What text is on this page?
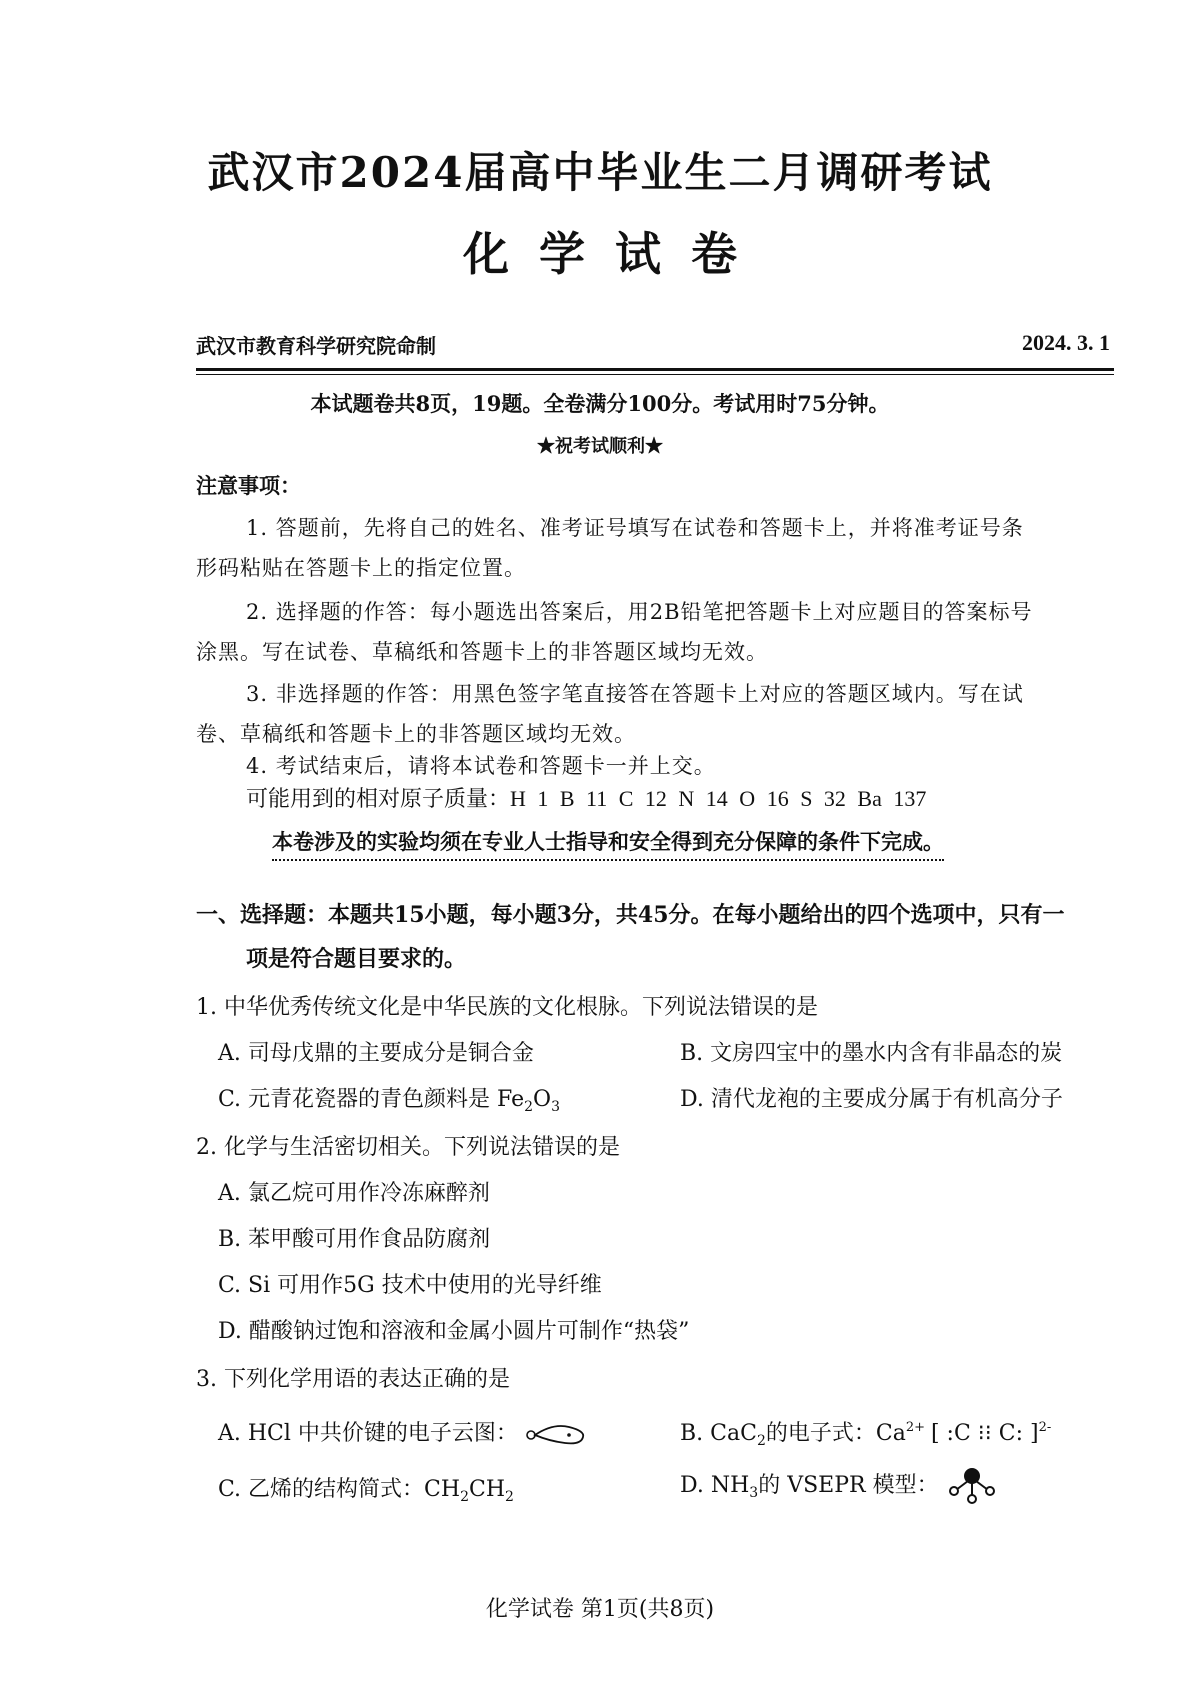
武汉市2024届高中毕业生二月调研考试
化学试卷
武汉市教育科学研究院命制	2024. 3. 1
本试题卷共8页，19题。全卷满分100分。考试用时75分钟。
★祝考试顺利★
注意事项：
1. 答题前，先将自己的姓名、准考证号填写在试卷和答题卡上，并将准考证号条
形码粘贴在答题卡上的指定位置。
2. 选择题的作答：每小题选出答案后，用2B铅笔把答题卡上对应题目的答案标号
涂黑。写在试卷、草稿纸和答题卡上的非答题区域均无效。
3. 非选择题的作答：用黑色签字笔直接答在答题卡上对应的答题区域内。写在试
卷、草稿纸和答题卡上的非答题区域均无效。
4. 考试结束后，请将本试卷和答题卡一并上交。
可能用到的相对原子质量：H 1 B 11 C 12 N 14 O 16 S 32 Ba 137
本卷涉及的实验均须在专业人士指导和安全得到充分保障的条件下完成。
一、选择题：本题共15小题，每小题3分，共45分。在每小题给出的四个选项中，只有一
项是符合题目要求的。
1. 中华优秀传统文化是中华民族的文化根脉。下列说法错误的是
A. 司母戊鼎的主要成分是铜合金	B. 文房四宝中的墨水内含有非晶态的炭
C. 元青花瓷器的青色颜料是 $Fe_2O_3$	D. 清代龙袍的主要成分属于有机高分子
2. 化学与生活密切相关。下列说法错误的是
A. 氯乙烷可用作冷冻麻醉剂
B. 苯甲酸可用作食品防腐剂
C. Si 可用作5G 技术中使用的光导纤维
D. 醋酸钠过饱和溶液和金属小圆片可制作“热袋”
3. 下列化学用语的表达正确的是
A. HCl 中共价键的电子云图：	B. CaC$_2$的电子式：$Ca^{2+}$ [ :C ⁝⁝ C: ]$^{2-}$
C. 乙烯的结构简式：$CH_2CH_2$	D. $NH_3$的 VSEPR 模型：
化学试卷 第1页(共8页)
